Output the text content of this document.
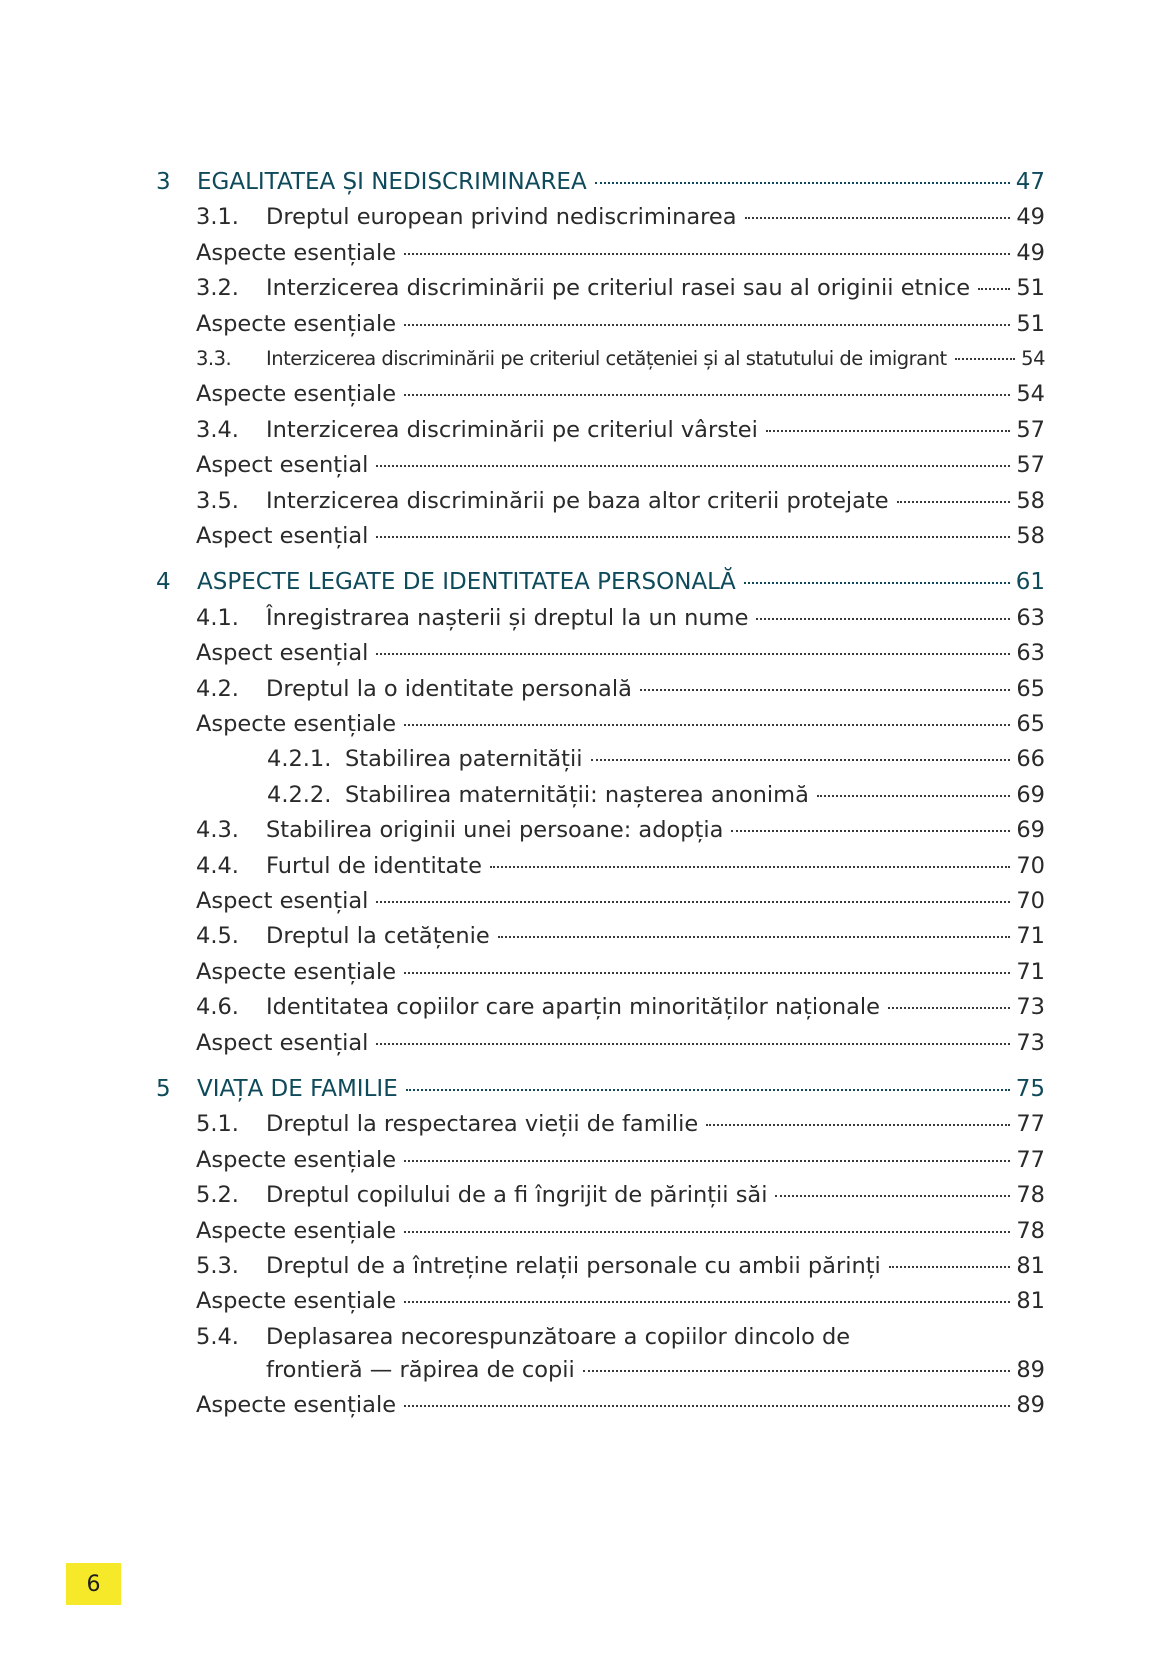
3	EGALITATEA ȘI NEDISCRIMINAREA	47
3.1.	Dreptul european privind nediscriminarea	49
Aspecte esențiale	49
3.2.	Interzicerea discriminării pe criteriul rasei sau al originii etnice 51
Aspecte esențiale	51
3.3.	Interzicerea discriminării pe criteriul cetățeniei și al statutului de imigrant	54
Aspecte esențiale	54
3.4.	Interzicerea discriminării pe criteriul vârstei	57
Aspect esențial	57
3.5.	Interzicerea discriminării pe baza altor criterii protejate	58
Aspect esențial	58
4	ASPECTE LEGATE DE IDENTITATEA PERSONALĂ	61
4.1.	Înregistrarea nașterii și dreptul la un nume	63
Aspect esențial	63
4.2.	Dreptul la o identitate personală	65
Aspecte esențiale	65
4.2.1. Stabilirea paternității	66
4.2.2. Stabilirea maternității: nașterea anonimă	69
4.3.	Stabilirea originii unei persoane: adopția	69
4.4.	Furtul de identitate	70
Aspect esențial	70
4.5.	Dreptul la cetățenie	71
Aspecte esențiale	71
4.6.	Identitatea copiilor care aparțin minorităților naționale	73
Aspect esențial	73
5	VIAȚA DE FAMILIE	75
5.1.	Dreptul la respectarea vieții de familie	77
Aspecte esențiale	77
5.2.	Dreptul copilului de a fi îngrijit de părinții săi	78
Aspecte esențiale	78
5.3.	Dreptul de a întreține relații personale cu ambii părinți	81
Aspecte esențiale	81
5.4.	Deplasarea necorespunzătoare a copiilor dincolo de
frontieră — răpirea de copii	89
Aspecte esențiale	89
6
